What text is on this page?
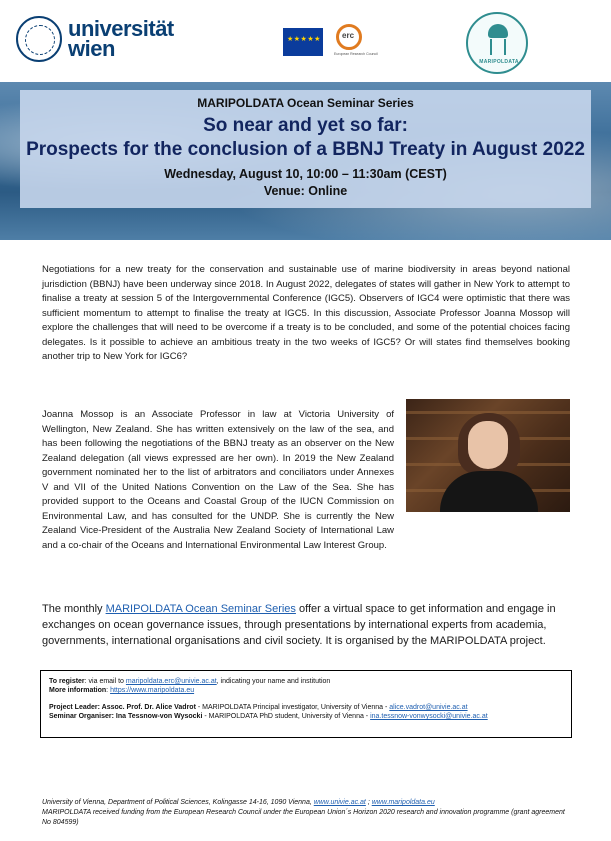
universität
wien
★★★★★
erc
European Research Council
MARIPOLDATA
MARIPOLDATA Ocean Seminar Series
So near and yet so far:
Prospects for the conclusion of a BBNJ Treaty in August 2022
Wednesday, August 10, 10:00 – 11:30am (CEST)
Venue: Online

Negotiations for a new treaty for the conservation and sustainable use of marine biodiversity in areas beyond national jurisdiction (BBNJ) have been underway since 2018. In August 2022, delegates of states will gather in New York to attempt to finalise a treaty at session 5 of the Intergovernmental Conference (IGC5). Observers of IGC4 were optimistic that there was sufficient momentum to attempt to finalise the treaty at IGC5. In this discussion, Associate Professor Joanna Mossop will explore the challenges that will need to be overcome if a treaty is to be concluded, and some of the potential choices facing delegates. Is it possible to achieve an ambitious treaty in the two weeks of IGC5? Or will states find themselves booking another trip to New York for IGC6?

Joanna Mossop is an Associate Professor in law at Victoria University of Wellington, New Zealand. She has written extensively on the law of the sea, and has been following the negotiations of the BBNJ treaty as an observer on the New Zealand delegation (all views expressed are her own). In 2019 the New Zealand government nominated her to the list of arbitrators and conciliators under Annexes V and VII of the United Nations Convention on the Law of the Sea. She has provided support to the Oceans and Coastal Group of the IUCN Commission on Environmental Law, and has consulted for the UNDP. She is currently the New Zealand Vice-President of the Australia New Zealand Society of International Law and a co-chair of the Oceans and International Environmental Law Interest Group.

The monthly MARIPOLDATA Ocean Seminar Series offer a virtual space to get information and engage in exchanges on ocean governance issues, through presentations by international experts from academia, governments, international organisations and civil society. It is organised by the MARIPOLDATA project.

To register: via email to maripoldata.erc@univie.ac.at, indicating your name and institution
More information: https://www.maripoldata.eu
Project Leader: Assoc. Prof. Dr. Alice Vadrot - MARIPOLDATA Principal investigator, University of Vienna - alice.vadrot@univie.ac.at
Seminar Organiser: Ina Tessnow-von Wysocki - MARIPOLDATA PhD student, University of Vienna - ina.tessnow-vonwysocki@univie.ac.at
University of Vienna, Department of Political Sciences, Kolingasse 14-16, 1090 Vienna, www.univie.ac.at ; www.maripoldata.eu
MARIPOLDATA received funding from the European Research Council under the European Union´s Horizon 2020 research and innovation programme (grant agreement No 804599)
